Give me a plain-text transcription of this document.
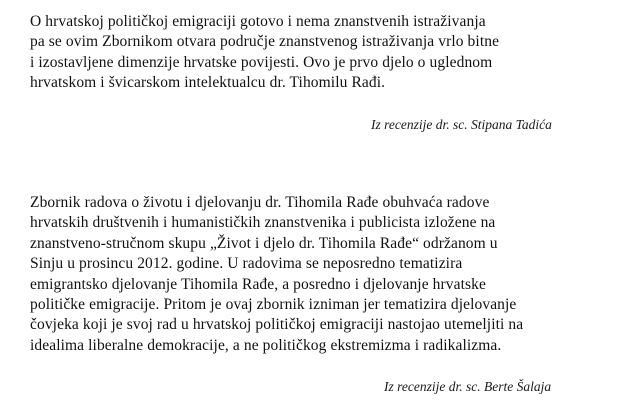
O hrvatskoj političkoj emigraciji gotovo i nema znanstvenih istraživanja
pa se ovim Zbornikom otvara područje znanstvenog istraživanja vrlo bitne
i izostavljene dimenzije hrvatske povijesti. Ovo je prvo djelo o uglednom
hrvatskom i švicarskom intelektualcu dr. Tihomilu Rađi.
Iz recenzije dr. sc. Stipana Tadića
Zbornik radova o životu i djelovanju dr. Tihomila Rađe obuhvaća radove
hrvatskih društvenih i humanističkih znanstvenika i publicista izložene na
znanstveno-stručnom skupu „Život i djelo dr. Tihomila Rađe“ održanom u
Sinju u prosincu 2012. godine. U radovima se neposredno tematizira
emigrantsko djelovanje Tihomila Rađe, a posredno i djelovanje hrvatske
političke emigracije. Pritom je ovaj zbornik izniman jer tematizira djelovanje
čovjeka koji je svoj rad u hrvatskoj političkoj emigraciji nastojao utemeljiti na
idealima liberalne demokracije, a ne političkog ekstremizma i radikalizma.
Iz recenzije dr. sc. Berte Šalaja
